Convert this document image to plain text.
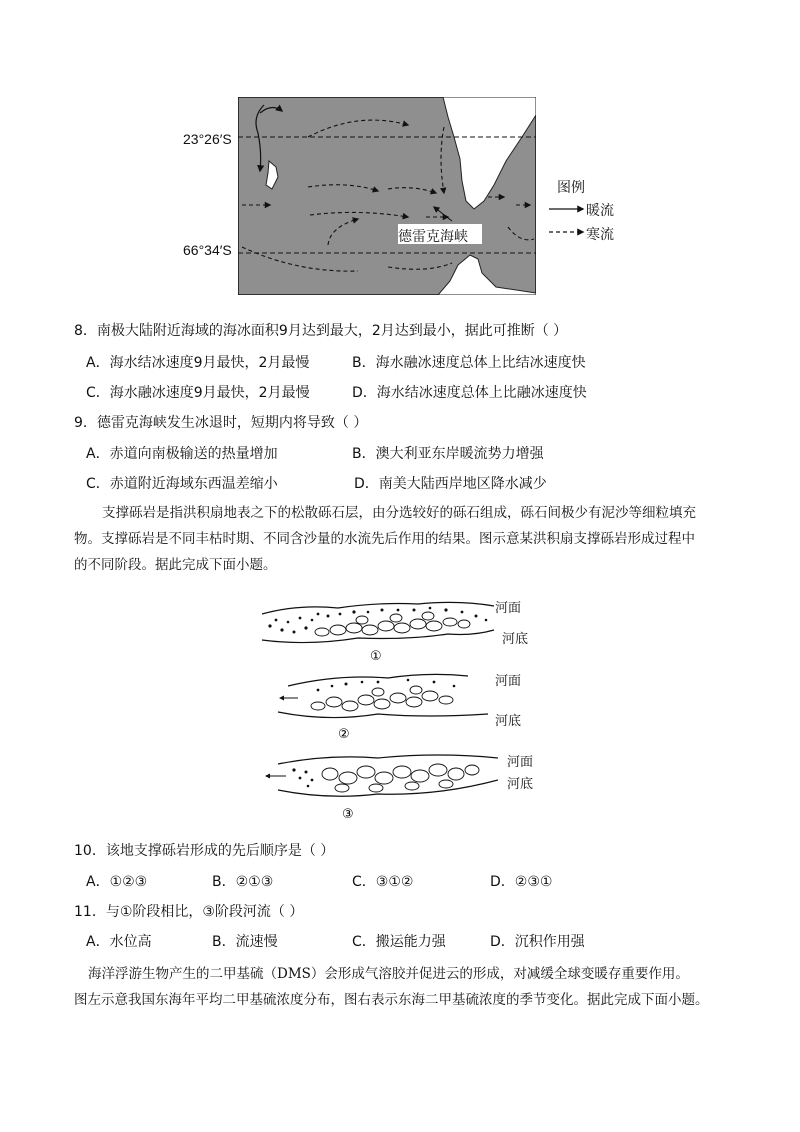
23°26′S
66°34′S
德雷克海峡
图例
暖流
寒流
8．南极大陆附近海域的海冰面积9月达到最大，2月达到最小，据此可推断（ ）
A．海水结冰速度9月最快，2月最慢	B．海水融冰速度总体上比结冰速度快
C．海水融冰速度9月最快，2月最慢	D．海水结冰速度总体上比融冰速度快
9．德雷克海峡发生冰退时，短期内将导致（ ）
A．赤道向南极输送的热量增加	B．澳大利亚东岸暖流势力增强
C．赤道附近海域东西温差缩小	D．南美大陆西岸地区降水减少
支撑砾岩是指洪积扇地表之下的松散砾石层，由分选较好的砾石组成，砾石间极少有泥沙等细粒填充
物。支撑砾岩是不同丰枯时期、不同含沙量的水流先后作用的结果。图示意某洪积扇支撑砾岩形成过程中
的不同阶段。据此完成下面小题。
①
②
③
河面
河底
河面
河底
河面
河底
10．该地支撑砾岩形成的先后顺序是（ ）
A．①②③	B．②①③	C．③①②	D．②③①
11．与①阶段相比，③阶段河流（ ）
A．水位高	B．流速慢	C．搬运能力强	D．沉积作用强
海洋浮游生物产生的二甲基硫（DMS）会形成气溶胶并促进云的形成，对减缓全球变暖存重要作用。
图左示意我国东海年平均二甲基硫浓度分布，图右表示东海二甲基硫浓度的季节变化。据此完成下面小题。
